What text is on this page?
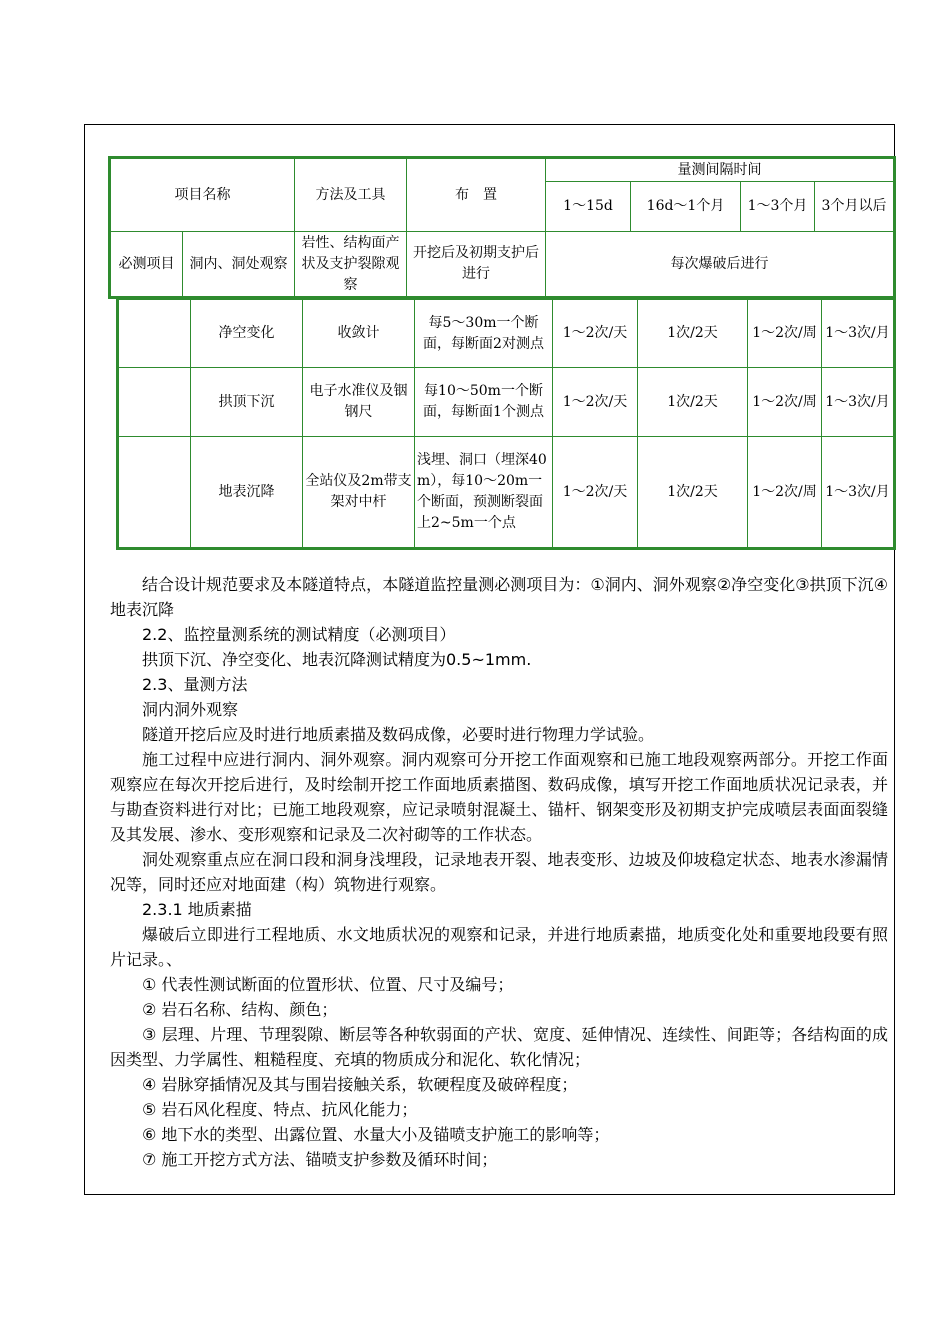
项目名称		方法及工具	布　置	量测间隔时间			
				1～15d	16d～1个月	1～3个月	3个月以后
必测项目	洞内、洞处观察	岩性、结构面产状及支护裂隙观察	开挖后及初期支护后进行	每次爆破后进行			
	净空变化	收敛计	每5～30m一个断面，每断面2对测点	1～2次/天	1次/2天	1～2次/周	1～3次/月
	拱顶下沉	电子水准仪及铟钢尺	每10～50m一个断面，每断面1个测点	1～2次/天	1次/2天	1～2次/周	1～3次/月
	地表沉降	全站仪及2m带支架对中杆	浅埋、洞口（埋深40m），每10～20m一个断面，预测断裂面上2~5m一个点	1～2次/天	1次/2天	1～2次/周	1～3次/月

结合设计规范要求及本隧道特点，本隧道监控量测必测项目为：①洞内、洞外观察②净空变化③拱顶下沉④地表沉降

2.2、监控量测系统的测试精度（必测项目）

拱顶下沉、净空变化、地表沉降测试精度为0.5~1mm.

2.3、量测方法

洞内洞外观察

隧道开挖后应及时进行地质素描及数码成像，必要时进行物理力学试验。

施工过程中应进行洞内、洞外观察。洞内观察可分开挖工作面观察和已施工地段观察两部分。开挖工作面观察应在每次开挖后进行，及时绘制开挖工作面地质素描图、数码成像，填写开挖工作面地质状况记录表，并与勘查资料进行对比；已施工地段观察，应记录喷射混凝土、锚杆、钢架变形及初期支护完成喷层表面面裂缝及其发展、渗水、变形观察和记录及二次衬砌等的工作状态。

洞处观察重点应在洞口段和洞身浅埋段，记录地表开裂、地表变形、边坡及仰坡稳定状态、地表水渗漏情况等，同时还应对地面建（构）筑物进行观察。

2.3.1 地质素描

爆破后立即进行工程地质、水文地质状况的观察和记录，并进行地质素描，地质变化处和重要地段要有照片记录。、

① 代表性测试断面的位置形状、位置、尺寸及编号；

② 岩石名称、结构、颜色；

③ 层理、片理、节理裂隙、断层等各种软弱面的产状、宽度、延伸情况、连续性、间距等；各结构面的成因类型、力学属性、粗糙程度、充填的物质成分和泥化、软化情况；

④ 岩脉穿插情况及其与围岩接触关系，软硬程度及破碎程度；

⑤ 岩石风化程度、特点、抗风化能力；

⑥ 地下水的类型、出露位置、水量大小及锚喷支护施工的影响等；

⑦ 施工开挖方式方法、锚喷支护参数及循环时间；
